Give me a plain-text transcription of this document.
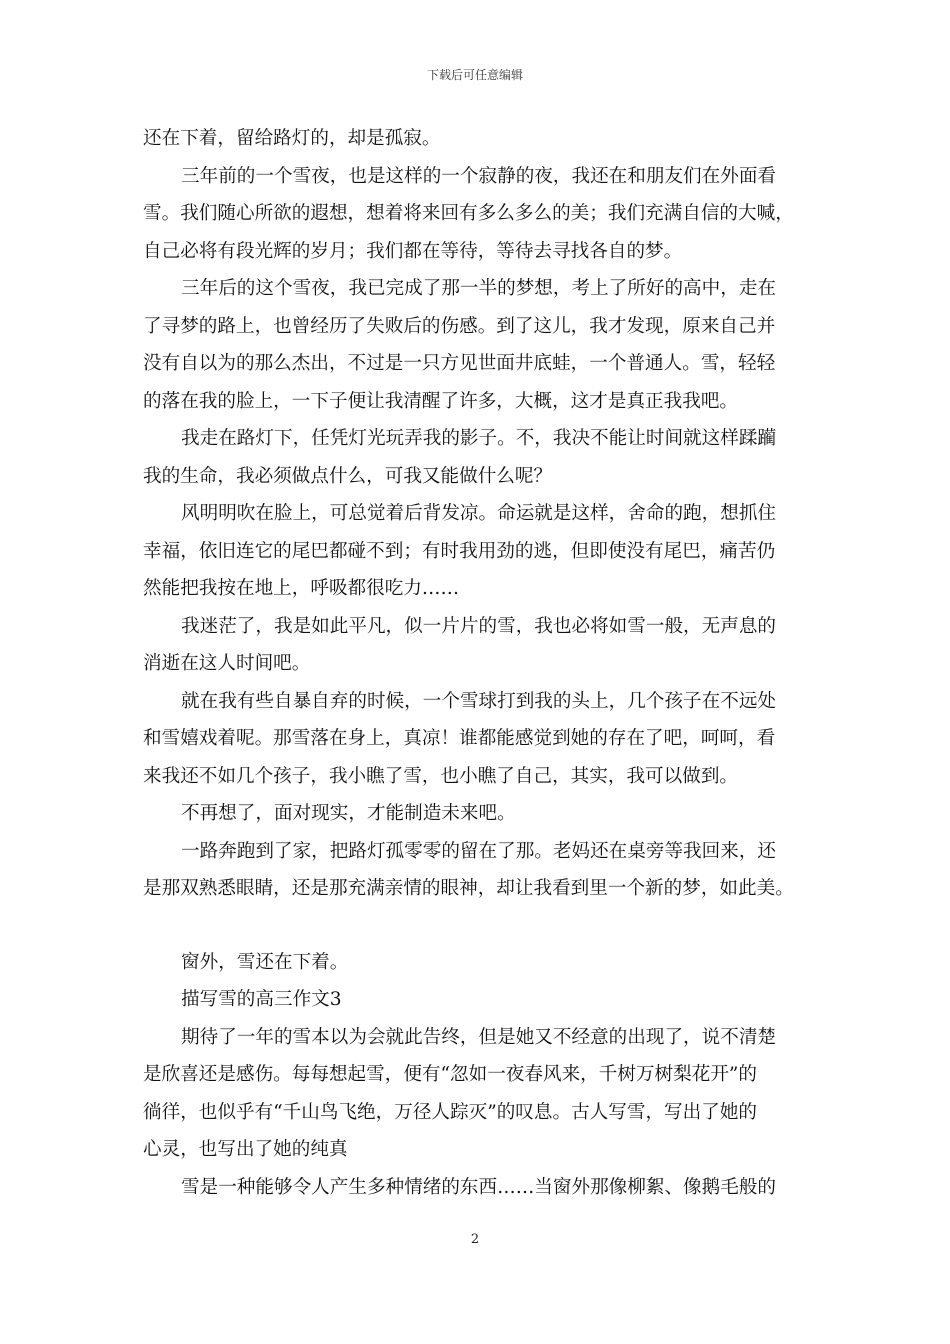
下载后可任意编辑
还在下着，留给路灯的，却是孤寂。
三年前的一个雪夜，也是这样的一个寂静的夜，我还在和朋友们在外面看
雪。我们随心所欲的遐想，想着将来回有多么多么的美；我们充满自信的大喊，
自己必将有段光辉的岁月；我们都在等待，等待去寻找各自的梦。
三年后的这个雪夜，我已完成了那一半的梦想，考上了所好的高中，走在
了寻梦的路上，也曾经历了失败后的伤感。到了这儿，我才发现，原来自己并
没有自以为的那么杰出，不过是一只方见世面井底蛙，一个普通人。雪，轻轻
的落在我的脸上，一下子便让我清醒了许多，大概，这才是真正我我吧。
我走在路灯下，任凭灯光玩弄我的影子。不，我决不能让时间就这样蹂躏
我的生命，我必须做点什么，可我又能做什么呢？
风明明吹在脸上，可总觉着后背发凉。命运就是这样，舍命的跑，想抓住
幸福，依旧连它的尾巴都碰不到；有时我用劲的逃，但即使没有尾巴，痛苦仍
然能把我按在地上，呼吸都很吃力……
我迷茫了，我是如此平凡，似一片片的雪，我也必将如雪一般，无声息的
消逝在这人时间吧。
就在我有些自暴自弃的时候，一个雪球打到我的头上，几个孩子在不远处
和雪嬉戏着呢。那雪落在身上，真凉！谁都能感觉到她的存在了吧，呵呵，看
来我还不如几个孩子，我小瞧了雪，也小瞧了自己，其实，我可以做到。
不再想了，面对现实，才能制造未来吧。
一路奔跑到了家，把路灯孤零零的留在了那。老妈还在桌旁等我回来，还
是那双熟悉眼睛，还是那充满亲情的眼神，却让我看到里一个新的梦，如此美。
窗外，雪还在下着。
描写雪的高三作文3
期待了一年的雪本以为会就此告终，但是她又不经意的出现了，说不清楚
是欣喜还是感伤。每每想起雪，便有“忽如一夜春风来，千树万树梨花开”的
徜徉，也似乎有“千山鸟飞绝，万径人踪灭”的叹息。古人写雪，写出了她的
心灵，也写出了她的纯真
雪是一种能够令人产生多种情绪的东西……当窗外那像柳絮、像鹅毛般的
2
